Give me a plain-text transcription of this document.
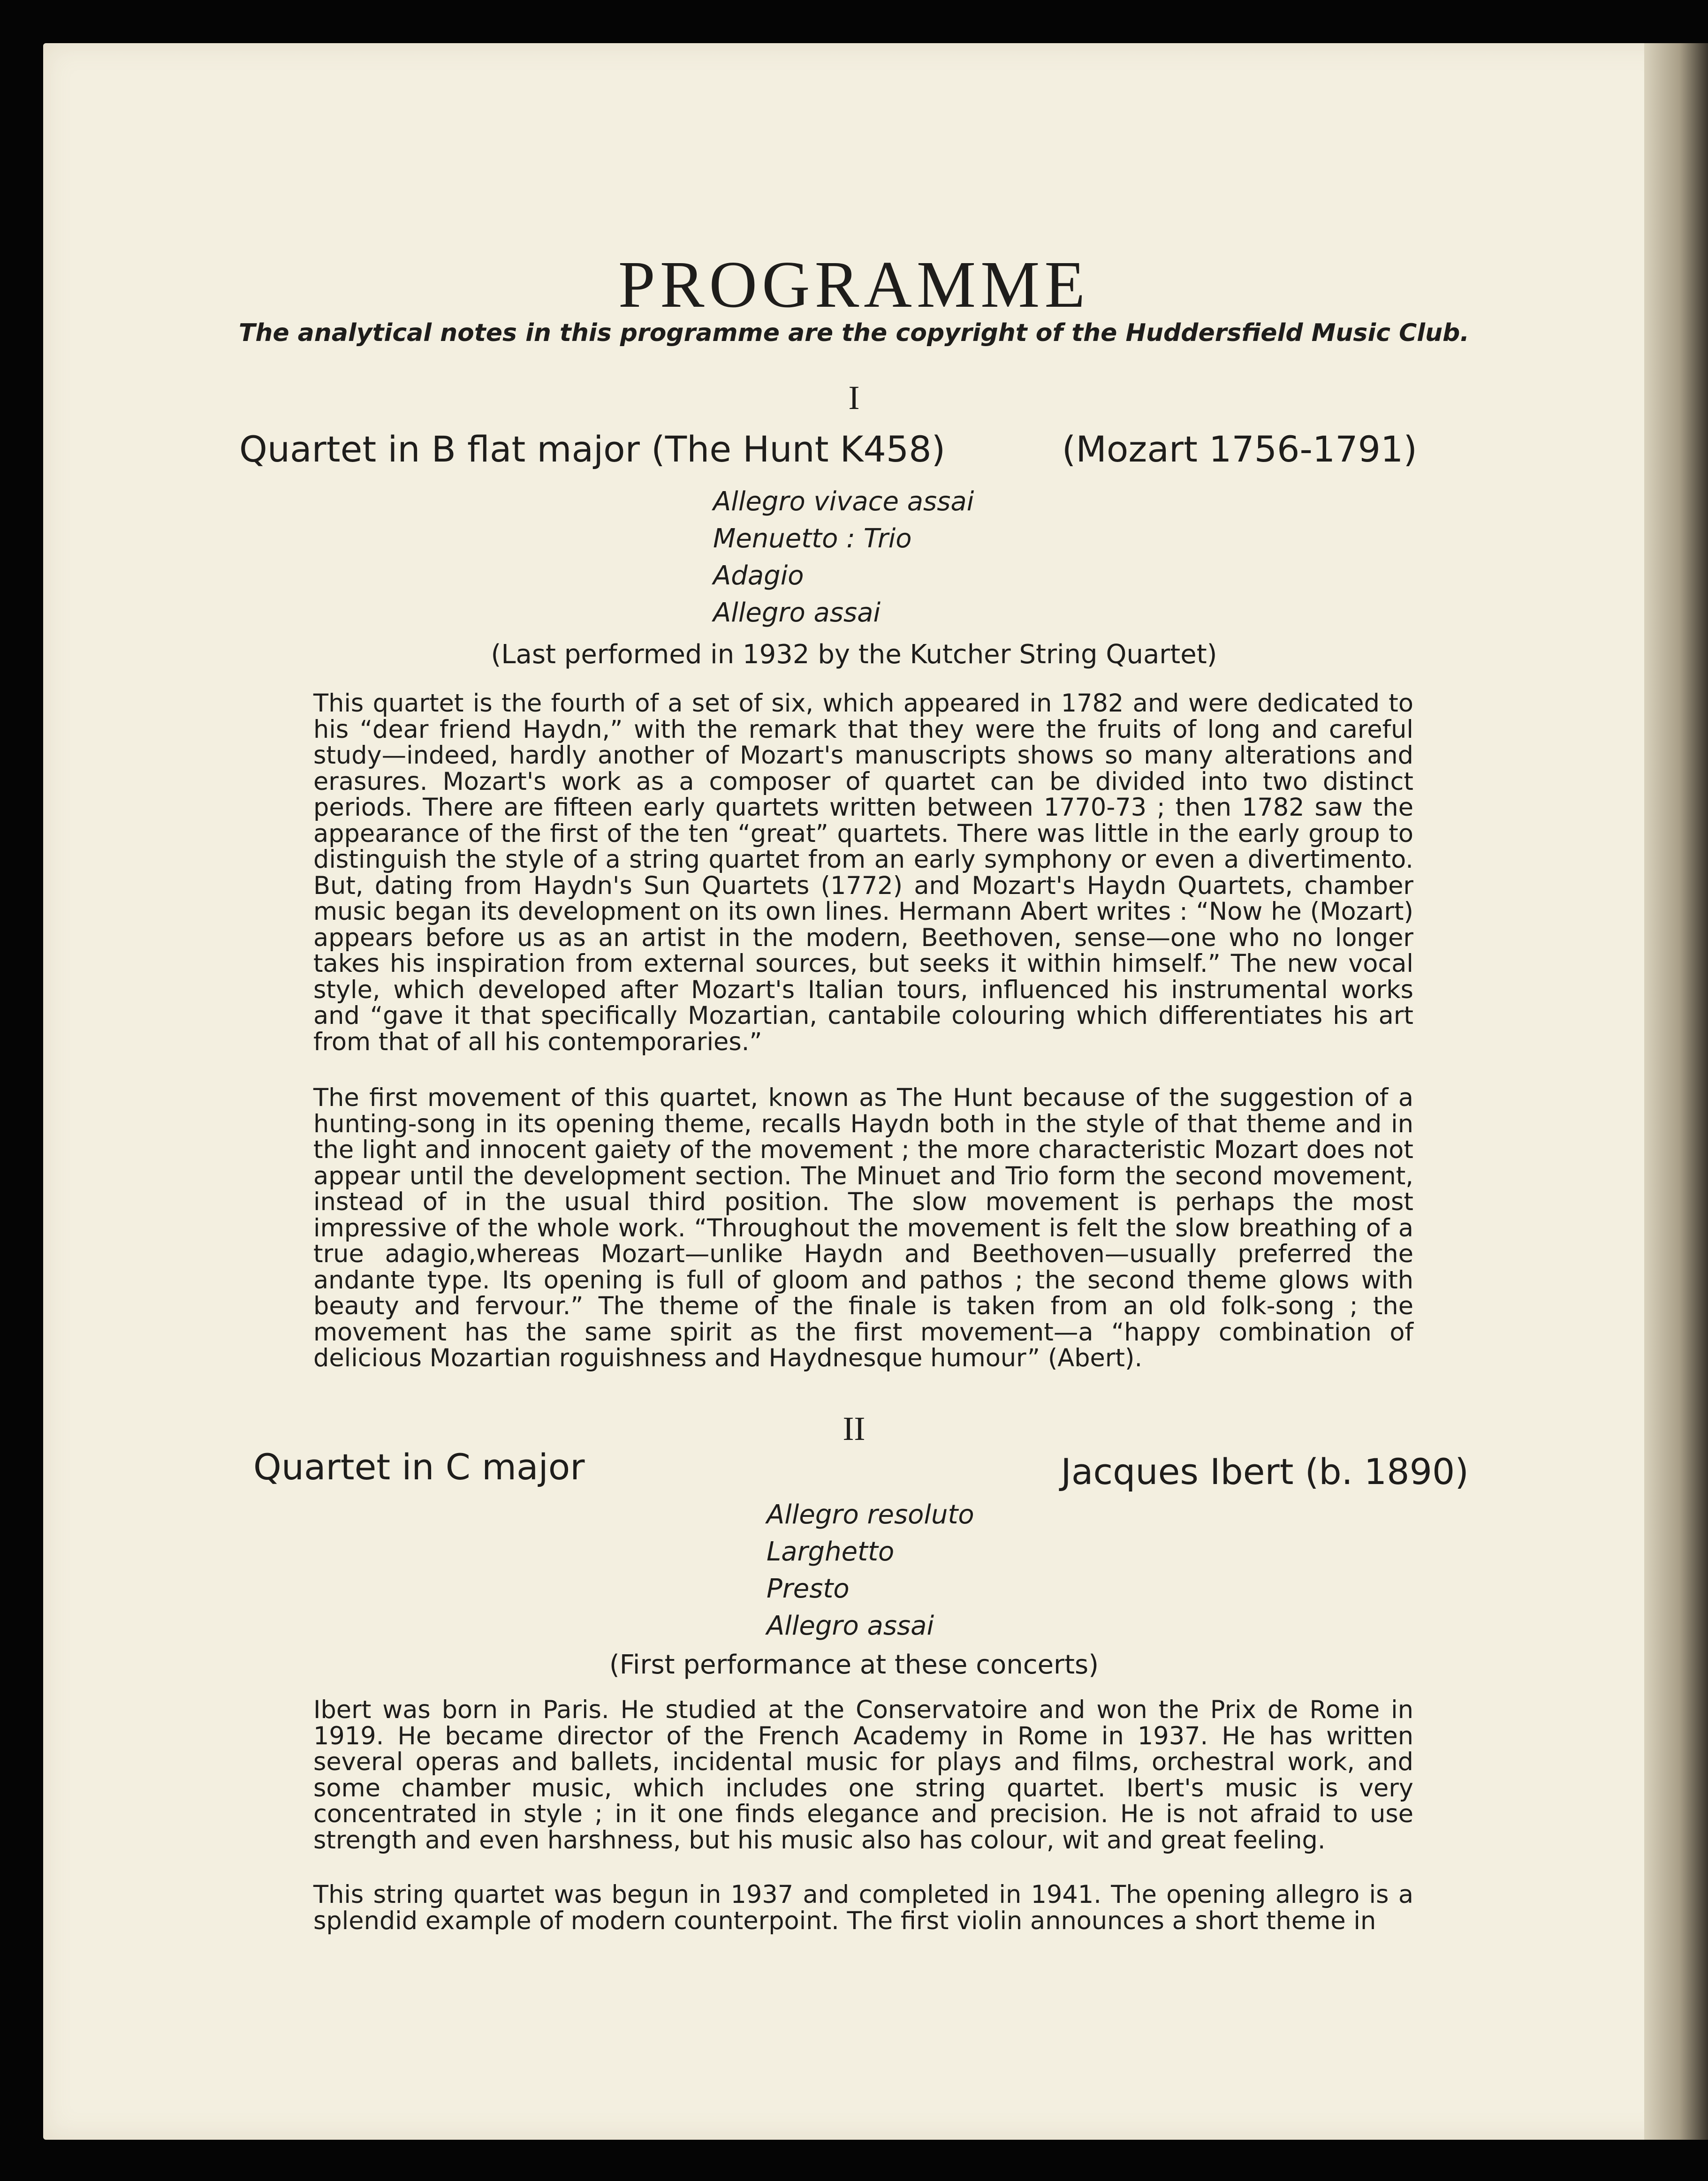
PROGRAMME
The analytical notes in this programme are the copyright of the Huddersfield Music Club.
I
Quartet in B flat major (The Hunt K458)	(Mozart 1756-1791)
Allegro vivace assai
Menuetto : Trio
Adagio
Allegro assai
(Last performed in 1932 by the Kutcher String Quartet)

This quartet is the fourth of a set of six, which appeared in 1782 and were dedicated to his “dear friend Haydn,” with the remark that they were the fruits of long and careful study—indeed, hardly another of Mozart's manuscripts shows so many alterations and erasures. Mozart's work as a composer of quartet can be divided into two distinct periods. There are fifteen early quartets written between 1770-73 ; then 1782 saw the appearance of the first of the ten “great” quartets. There was little in the early group to distinguish the style of a string quartet from an early symphony or even a divertimento. But, dating from Haydn's Sun Quartets (1772) and Mozart's Haydn Quartets, chamber music began its development on its own lines. Hermann Abert writes : “Now he (Mozart) appears before us as an artist in the modern, Beethoven, sense—one who no longer takes his inspiration from external sources, but seeks it within himself.” The new vocal style, which developed after Mozart's Italian tours, influenced his instrumental works and “gave it that specifically Mozartian, cantabile colouring which differentiates his art from that of all his contemporaries.”

The first movement of this quartet, known as The Hunt because of the suggestion of a hunting-song in its opening theme, recalls Haydn both in the style of that theme and in the light and innocent gaiety of the movement ; the more characteristic Mozart does not appear until the development section. The Minuet and Trio form the second movement, instead of in the usual third position. The slow movement is perhaps the most impressive of the whole work. “Throughout the movement is felt the slow breathing of a true adagio,whereas Mozart—unlike Haydn and Beethoven—usually preferred the andante type. Its opening is full of gloom and pathos ; the second theme glows with beauty and fervour.” The theme of the finale is taken from an old folk-song ; the movement has the same spirit as the first movement—a “happy combination of delicious Mozartian roguishness and Haydnesque humour” (Abert).

II
Quartet in C major	Jacques Ibert (b. 1890)
Allegro resoluto
Larghetto
Presto
Allegro assai
(First performance at these concerts)

Ibert was born in Paris. He studied at the Conservatoire and won the Prix de Rome in 1919. He became director of the French Academy in Rome in 1937. He has written several operas and ballets, incidental music for plays and films, orchestral work, and some chamber music, which includes one string quartet. Ibert's music is very concentrated in style ; in it one finds elegance and precision. He is not afraid to use strength and even harshness, but his music also has colour, wit and great feeling.

This string quartet was begun in 1937 and completed in 1941. The opening allegro is a splendid example of modern counterpoint. The first violin announces a short theme in
